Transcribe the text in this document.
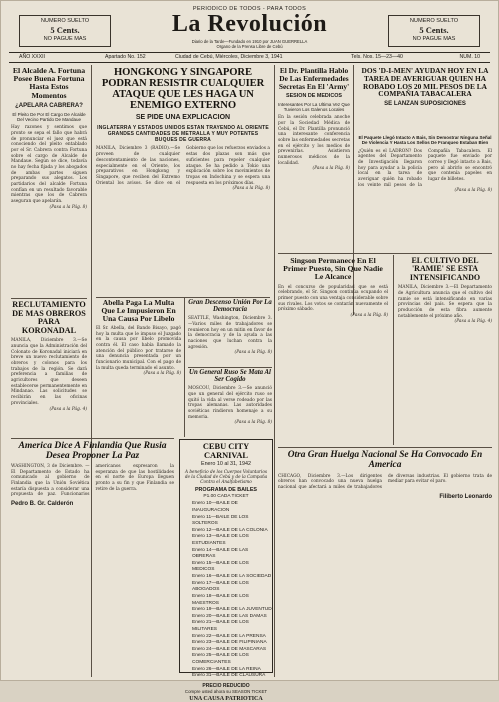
NUMERO SUELTO
5 Cents.
NO PAGUE MAS
PERIODICO DE TODOS - PARA TODOS
La Revolución
Diario de la Tarde—Fundado en 1910 por JUAN GUERRELLA
Organo de la Prensa Libre de Cebú
NUMERO SUELTO
5 Cents.
NO PAGUE MAS
AÑO XXXII	Apartado No. 152	Ciudad de Cebú, Miércoles, Diciembre 3, 1941	Tels. Nos. 15—23—40	NUM. 10
El Alcalde A. Fortuna Posee Buena Fortuna Hasta Estos Momentos
¿APELARA CABRERA?
El Pleito De Por El Cargo De Alcalde Del Vecino Partido De Mandaue
Hay razones y sentimos que pronto se sepa el fallo que habrá de pronunciar el juez que está conociendo del pleito entablado por el Sr. Cabrera contra Fortuna sobre el cargo de Alcalde de Mandaue. Según se dice, todavía no hay fecha fijada y los abogados de ambas partes siguen preparando sus alegatos. Los partidarios del alcalde Fortuna confían en un resultado favorable mientras que los de Cabrera aseguran que apelarán.
(Pasa a la Pág. 8)
RECLUTAMIENTO DE MAS OBREROS PARA KORONADAL
MANILA, Diciembre 3.—Se anuncia que la Administración del Colonato de Koronadal iniciará en breve un nuevo reclutamiento de obreros y colonos para los trabajos de la región. Se dará preferencia a familias de agricultores que deseen establecerse permanentemente en Mindanao. Las solicitudes se recibirán en las oficinas provinciales.
(Pasa a la Pág. 4)
America Dice A Finlandia Que Rusia Desea Proponer La Paz
WASHINGTON, 3 de Diciembre. —El Departamento de Estado ha comunicado al gobierno de Finlandia que la Unión Soviética estaría dispuesta a considerar una propuesta de paz. Funcionarios americanos expresaron la esperanza de que las hostilidades en el norte de Europa lleguen pronto a su fin y que Finlandia se retire de la guerra.
Pedro B. Gr. Calderón
HONGKONG Y SINGAPORE PODRAN RESISTIR CUALQUIER ATAQUE QUE LES HAGA UN ENEMIGO EXTERNO
SE PIDE UNA EXPLICACION
INGLATERRA Y ESTADOS UNIDOS ESTAN TRAYENDO AL ORIENTE GRANDES CANTIDADES DE METRALLA Y MUY POTENTES BUQUES DE GUERRA
MANILA, Diciembre 3 (RADIO).—Se proveen de cualquier descontentamiento de las naciones, especialmente en el Oriente, los preparativos en Hongkong y Singapore, que reciben del Extremo Oriental los avisos. Se dice en el Gobierno que los refuerzos enviados a estas dos plazas son más que suficientes para repeler cualquier ataque. Se ha pedido a Tokio una explicación sobre los movimientos de tropas en Indochina y se espera una respuesta en los próximos días.
(Pasa a la Pág. 8)
Abella Paga La Multa Que Le Impusieron En Una Causa Por Libelo
El Sr. Abella, del Bando Bisayo, pagó hoy la multa que le impuso el Juzgado en la causa por libelo promovida contra él. El caso había llamado la atención del público por tratarse de una denuncia presentada por un funcionario municipal. Con el pago de la multa queda terminado el asunto.
(Pasa a la Pág. 8)
Gran Descenso Unión Por La Democracia
SEATTLE, Washington, Diciembre 3.—Varios miles de trabajadores se reunieron hoy en un mitin en favor de la democracia y de la ayuda a las naciones que luchan contra la agresión.
(Pasa a la Pág. 8)
Un General Ruso Se Mata Al Ser Cogido
MOSCOU, Diciembre 3.—Se anunció que un general del ejército ruso se quitó la vida al verse rodeado por las tropas alemanas. Las autoridades soviéticas rindieron homenaje a su memoria.
(Pasa a la Pág. 8)
El Dr. Plantilla Hablo De Las Enfermedades Secretas En El 'Army'
SESION DE MEDICOS
Interesantes Por La Ultima Vez Que Tuvieron Los Galenos Locales
En la sesión celebrada anoche por la Sociedad Médica de Cebú, el Dr. Plantilla pronunció una interesante conferencia sobre las enfermedades secretas en el ejército y los medios de prevenirlas. Asistieron numerosos médicos de la localidad.
(Pasa a la Pág. 8)
DOS 'D-I-MEN' AYUDAN HOY EN LA TAREA DE AVERIGUAR QUIEN HA ROBADO LOS 20 MIL PESOS DE LA COMPAÑIA TABACALERA
SE LANZAN SUPOSICIONES
El Paquete Llegó Intacto A Bais, Sin Demostrar Ninguna Señal De Violencia Y Hasta Los Sellos De Franqueo Estaban Bien
¿Quién es el LADRON? Dos agentes del Departamento de Investigación llegaron hoy para ayudar a la policía local en la tarea de averiguar quién ha robado los veinte mil pesos de la Compañía Tabacalera. El paquete fue enviado por correo y llegó intacto a Bais, pero al abrirlo se encontró que contenía papeles en lugar de billetes.
(Pasa a la Pág. 8)
Singson Permanece En El Primer Puesto, Sin Que Nadie Le Alcance
En el concurso de popularidad que se está celebrando, el Sr. Singson continúa ocupando el primer puesto con una ventaja considerable sobre sus rivales. Los votos se contarán nuevamente el próximo sábado.
(Pasa a la Pág. 8)
EL CULTIVO DEL 'RAMIE' SE ESTA INTENSIFICANDO
MANILA, Diciembre 3.—El Departamento de Agricultura anuncia que el cultivo del ramie se está intensificando en varias provincias del país. Se espera que la producción de esta fibra aumente notablemente el próximo año.
(Pasa a la Pág. 4)
Otra Gran Huelga Nacional Se Ha Convocado En America
CHICAGO, Diciembre 3.—Los dirigentes obreros han convocado una nueva huelga nacional que afectará a miles de trabajadores de diversas industrias. El gobierno trata de mediar para evitar el paro.
Filiberto Leonardo
CEBU CITY CARNIVAL
Enero 10 al 31, 1942
A beneficio de los Cuerpos Voluntarios de la Ciudad de Cebú y de la Campaña Contra el Analfabetismo
PROGRAMA DE BAILES
P1.00 CADA TICKET
Enero 10—BAILE DE INAUGURACION
Enero 11—BAILE DE LOS SOLTEROS
Enero 12—BAILE DE LA COLONIA
Enero 13—BAILE DE LOS ESTUDIANTES
Enero 14—BAILE DE LAS OBRERAS
Enero 15—BAILE DE LOS MEDICOS
Enero 16—BAILE DE LA SOCIEDAD
Enero 17—BAILE DE LOS ABOGADOS
Enero 18—BAILE DE LOS MAESTROS
Enero 19—BAILE DE LA JUVENTUD
Enero 20—BAILE DE LAS DAMAS
Enero 21—BAILE DE LOS MILITARES
Enero 22—BAILE DE LA PRENSA
Enero 23—BAILE DE FILIPINIANA
Enero 24—BAILE DE MASCARAS
Enero 25—BAILE DE LOS COMERCIANTES
Enero 26—BAILE DE LA REINA
Enero 31—BAILE DE CLAUSURA
PRECIO REDUCIDO
Compre usted ahora su SEASON TICKET
UNA CAUSA PATRIOTICA
